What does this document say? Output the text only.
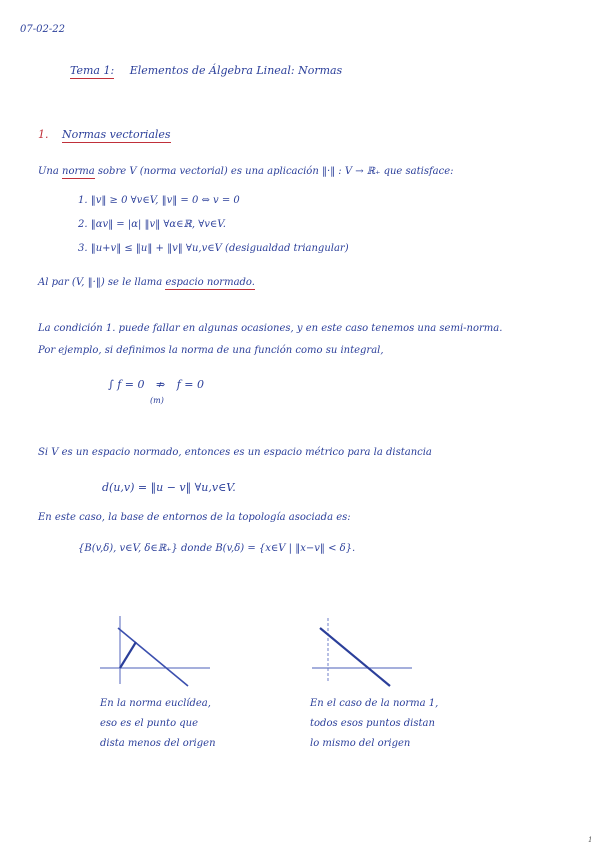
07-02-22
Tema 1: Elementos de Álgebra Lineal: Normas
1. Normas vectoriales
Una norma sobre V (norma vectorial) es una aplicación ‖·‖ : V → ℝ₊ que satisface:
1. ‖v‖ ≥ 0 ∀v∈V, ‖v‖ = 0 ⇔ v = 0
2. ‖αv‖ = |α| ‖v‖ ∀α∈ℝ, ∀v∈V.
3. ‖u+v‖ ≤ ‖u‖ + ‖v‖ ∀u,v∈V (desigualdad triangular)
Al par (V, ‖·‖) se le llama espacio normado.
La condición 1. puede fallar en algunas ocasiones, y en este caso tenemos una semi-norma.
Por ejemplo, si definimos la norma de una función como su integral,
∫ f = 0 ⇏ f = 0
(m)
Si V es un espacio normado, entonces es un espacio métrico para la distancia
d(u,v) = ‖u − v‖ ∀u,v∈V.
En este caso, la base de entornos de la topología asociada es:
{B(v,δ), v∈V, δ∈ℝ₊} donde B(v,δ) = {x∈V | ‖x−v‖ < δ}.
En la norma euclídea,
eso es el punto que
dista menos del origen
En el caso de la norma 1,
todos esos puntos distan
lo mismo del origen
1
